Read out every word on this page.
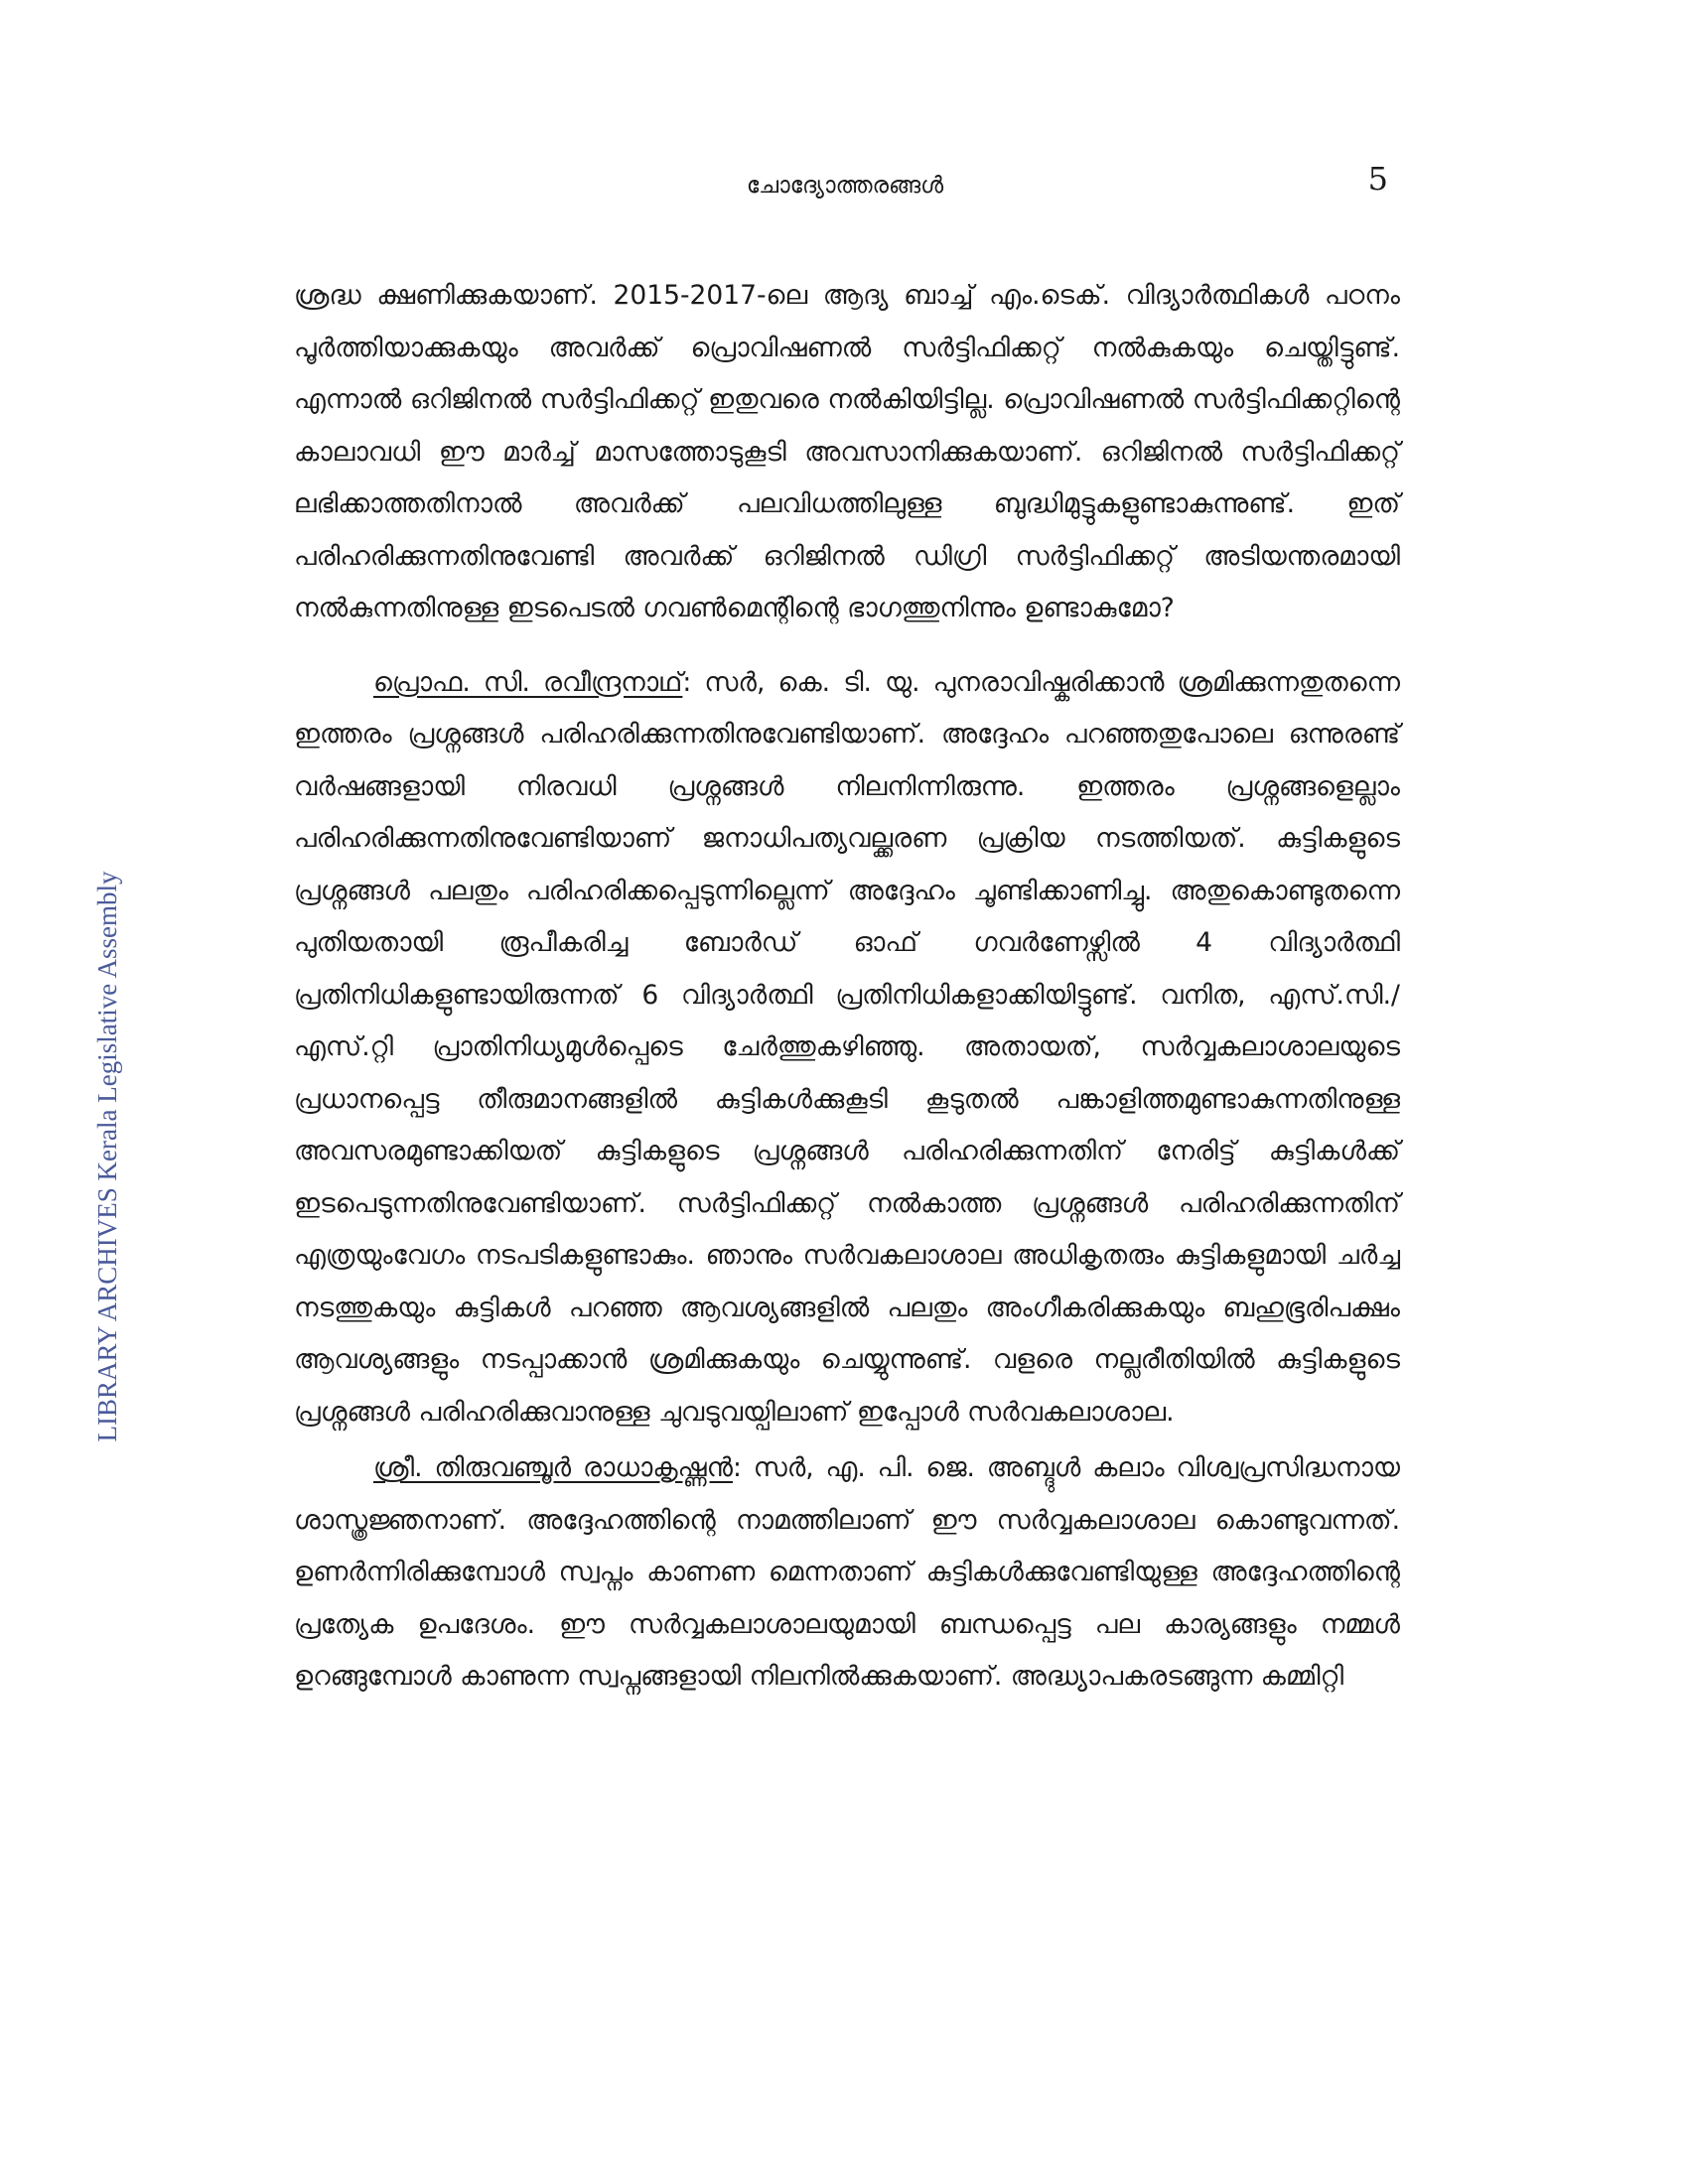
ചോദ്യോത്തരങ്ങൾ	5
LIBRARY ARCHIVES Kerala Legislative Assembly

ശ്രദ്ധ ക്ഷണിക്കുകയാണ്. 2015-2017-ലെ ആദ്യ ബാച്ച് എം.ടെക്. വിദ്യാർത്ഥികൾ പഠനം പൂർത്തിയാക്കുകയും അവർക്ക് പ്രൊവിഷണൽ സർട്ടിഫിക്കറ്റ് നൽകുകയും ചെയ്തിട്ടുണ്ട്. എന്നാൽ ഒറിജിനൽ സർട്ടിഫിക്കറ്റ് ഇതുവരെ നൽകിയിട്ടില്ല. പ്രൊവിഷണൽ സർട്ടിഫിക്കറ്റിന്റെ കാലാവധി ഈ മാർച്ച് മാസത്തോടുകൂടി അവസാനിക്കുകയാണ്. ഒറിജിനൽ സർട്ടിഫിക്കറ്റ് ലഭിക്കാത്തതിനാൽ അവർക്ക് പലവിധത്തിലുള്ള ബുദ്ധിമുട്ടുകളുണ്ടാകുന്നുണ്ട്. ഇത് പരിഹരിക്കുന്നതിനുവേണ്ടി അവർക്ക് ഒറിജിനൽ ഡിഗ്രി സർട്ടിഫിക്കറ്റ് അടിയന്തരമായി നൽകുന്നതിനുള്ള ഇടപെടൽ ഗവൺമെന്റിന്റെ ഭാഗത്തുനിന്നും ഉണ്ടാകുമോ?

പ്രൊഫ. സി. രവീന്ദ്രനാഥ്: സർ, കെ. ടി. യു. പുനരാവിഷ്കരിക്കാൻ ശ്രമിക്കുന്നതുതന്നെ ഇത്തരം പ്രശ്നങ്ങൾ പരിഹരിക്കുന്നതിനുവേണ്ടിയാണ്. അദ്ദേഹം പറഞ്ഞതുപോലെ ഒന്നുരണ്ട് വർഷങ്ങളായി നിരവധി പ്രശ്നങ്ങൾ നിലനിന്നിരുന്നു. ഇത്തരം പ്രശ്നങ്ങളെല്ലാം പരിഹരിക്കുന്നതിനുവേണ്ടിയാണ് ജനാധിപത്യവല്ക്കരണ പ്രക്രിയ നടത്തിയത്. കുട്ടികളുടെ പ്രശ്നങ്ങൾ പലതും പരിഹരിക്കപ്പെടുന്നില്ലെന്ന് അദ്ദേഹം ചൂണ്ടിക്കാണിച്ചു. അതുകൊണ്ടുതന്നെ പുതിയതായി രൂപീകരിച്ച ബോർഡ് ഓഫ് ഗവർണേഴ്സിൽ 4 വിദ്യാർത്ഥി പ്രതിനിധികളുണ്ടായിരുന്നത് 6 വിദ്യാർത്ഥി പ്രതിനിധികളാക്കിയിട്ടുണ്ട്. വനിത, എസ്.സി./എസ്.റ്റി പ്രാതിനിധ്യമുൾപ്പെടെ ചേർത്തുകഴിഞ്ഞു. അതായത്, സർവ്വകലാശാലയുടെ പ്രധാനപ്പെട്ട തീരുമാനങ്ങളിൽ കുട്ടികൾക്കുകൂടി കൂടുതൽ പങ്കാളിത്തമുണ്ടാകുന്നതിനുള്ള അവസരമുണ്ടാക്കിയത് കുട്ടികളുടെ പ്രശ്നങ്ങൾ പരിഹരിക്കുന്നതിന് നേരിട്ട് കുട്ടികൾക്ക് ഇടപെടുന്നതിനുവേണ്ടിയാണ്. സർട്ടിഫിക്കറ്റ് നൽകാത്ത പ്രശ്നങ്ങൾ പരിഹരിക്കുന്നതിന് എത്രയുംവേഗം നടപടികളുണ്ടാകും. ഞാനും സർവകലാശാല അധികൃതരും കുട്ടികളുമായി ചർച്ച നടത്തുകയും കുട്ടികൾ പറഞ്ഞ ആവശ്യങ്ങളിൽ പലതും അംഗീകരിക്കുകയും ബഹുഭൂരിപക്ഷം ആവശ്യങ്ങളും നടപ്പാക്കാൻ ശ്രമിക്കുകയും ചെയ്യുന്നുണ്ട്. വളരെ നല്ലരീതിയിൽ കുട്ടികളുടെ പ്രശ്നങ്ങൾ പരിഹരിക്കുവാനുള്ള ചുവടുവയ്പിലാണ് ഇപ്പോൾ സർവകലാശാല.

ശ്രീ. തിരുവഞ്ചൂർ രാധാകൃഷ്ണൻ: സർ, എ. പി. ജെ. അബ്ദുൾ കലാം വിശ്വപ്രസിദ്ധനായ ശാസ്ത്രജ്ഞനാണ്. അദ്ദേഹത്തിന്റെ നാമത്തിലാണ് ഈ സർവ്വകലാശാല കൊണ്ടുവന്നത്. ഉണർന്നിരിക്കുമ്പോൾ സ്വപ്നം കാണണ മെന്നതാണ് കുട്ടികൾക്കുവേണ്ടിയുള്ള അദ്ദേഹത്തിന്റെ പ്രത്യേക ഉപദേശം. ഈ സർവ്വകലാശാലയുമായി ബന്ധപ്പെട്ട പല കാര്യങ്ങളും നമ്മൾ ഉറങ്ങുമ്പോൾ കാണുന്ന സ്വപ്നങ്ങളായി നിലനിൽക്കുകയാണ്. അദ്ധ്യാപകരടങ്ങുന്ന കമ്മിറ്റി
